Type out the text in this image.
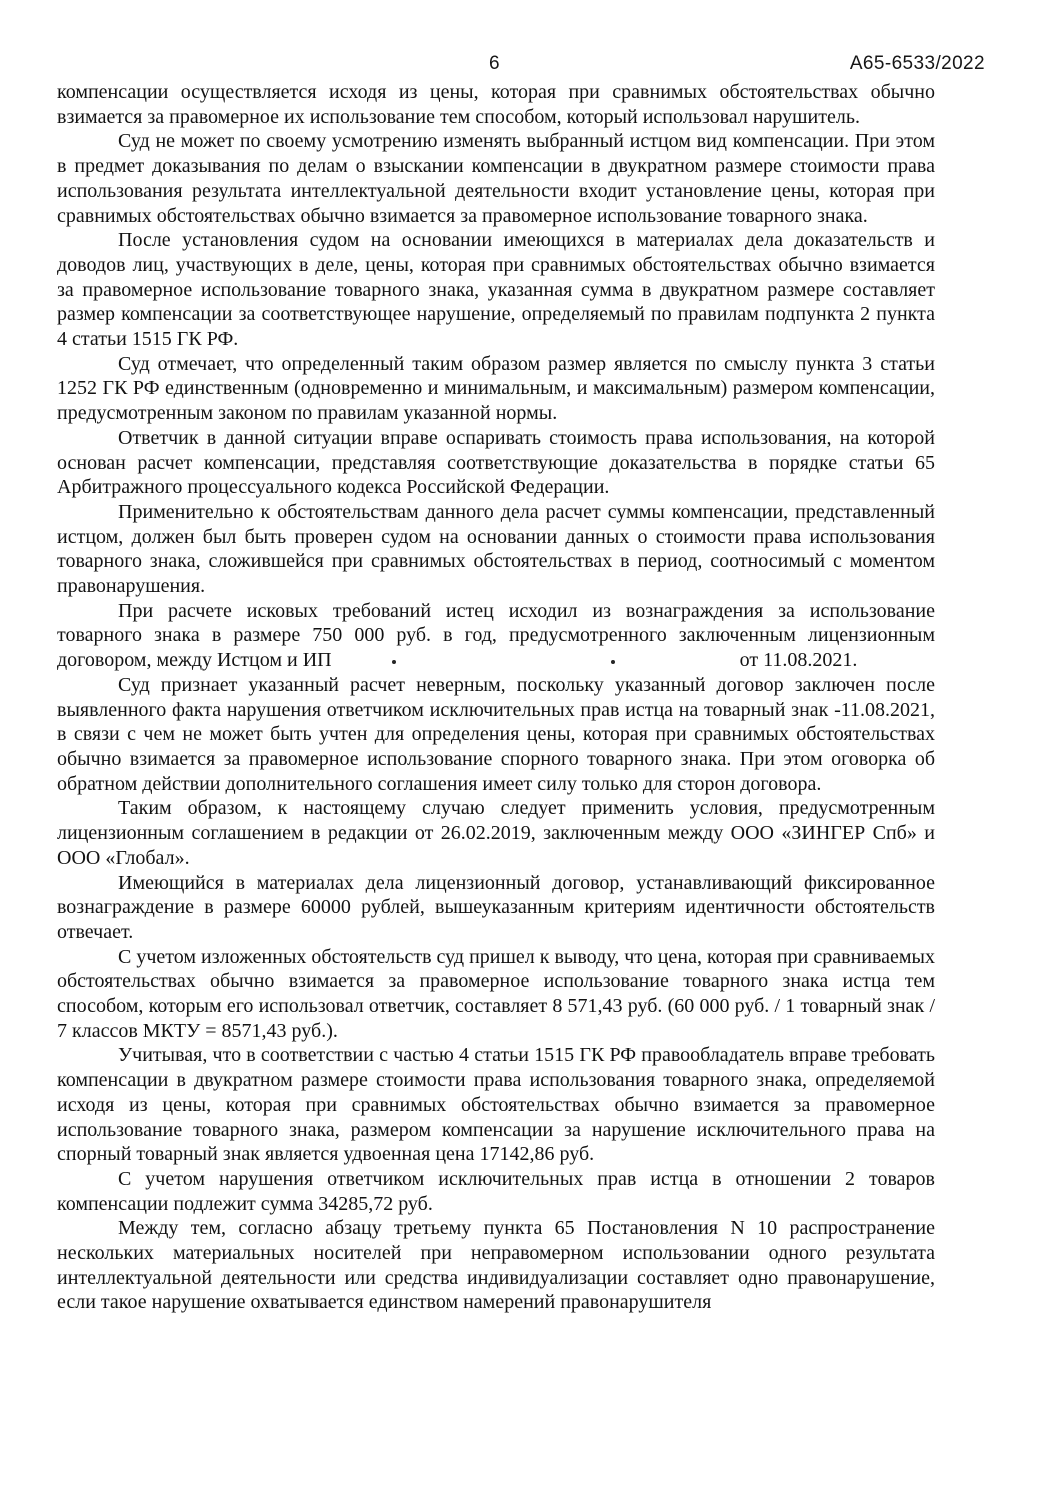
6	А65-6533/2022

компенсации осуществляется исходя из цены, которая при сравнимых обстоятельствах обычно взимается за правомерное их использование тем способом, который использовал нарушитель.

Суд не может по своему усмотрению изменять выбранный истцом вид компенсации. При этом в предмет доказывания по делам о взыскании компенсации в двукратном размере стоимости права использования результата интеллектуальной деятельности входит установление цены, которая при сравнимых обстоятельствах обычно взимается за правомерное использование товарного знака.

После установления судом на основании имеющихся в материалах дела доказательств и доводов лиц, участвующих в деле, цены, которая при сравнимых обстоятельствах обычно взимается за правомерное использование товарного знака, указанная сумма в двукратном размере составляет размер компенсации за соответствующее нарушение, определяемый по правилам подпункта 2 пункта 4 статьи 1515 ГК РФ.

Суд отмечает, что определенный таким образом размер является по смыслу пункта 3 статьи 1252 ГК РФ единственным (одновременно и минимальным, и максимальным) размером компенсации, предусмотренным законом по правилам указанной нормы.

Ответчик в данной ситуации вправе оспаривать стоимость права использования, на которой основан расчет компенсации, представляя соответствующие доказательства в порядке статьи 65 Арбитражного процессуального кодекса Российской Федерации.

Применительно к обстоятельствам данного дела расчет суммы компенсации, представленный истцом, должен был быть проверен судом на основании данных о стоимости права использования товарного знака, сложившейся при сравнимых обстоятельствах в период, соотносимый с моментом правонарушения.

При расчете исковых требований истец исходил из вознаграждения за использование товарного знака в размере 750 000 руб. в год, предусмотренного заключенным лицензионным договором, между Истцом и ИП	от 11.08.2021.

Суд признает указанный расчет неверным, поскольку указанный договор заключен после выявленного факта нарушения ответчиком исключительных прав истца на товарный знак -11.08.2021, в связи с чем не может быть учтен для определения цены, которая при сравнимых обстоятельствах обычно взимается за правомерное использование спорного товарного знака. При этом оговорка об обратном действии дополнительного соглашения имеет силу только для сторон договора.

Таким образом, к настоящему случаю следует применить условия, предусмотренным лицензионным соглашением в редакции от 26.02.2019, заключенным между ООО «ЗИНГЕР Спб» и ООО «Глобал».

Имеющийся в материалах дела лицензионный договор, устанавливающий фиксированное вознаграждение в размере 60000 рублей, вышеуказанным критериям идентичности обстоятельств отвечает.

С учетом изложенных обстоятельств суд пришел к выводу, что цена, которая при сравниваемых обстоятельствах обычно взимается за правомерное использование товарного знака истца тем способом, которым его использовал ответчик, составляет 8 571,43 руб. (60 000 руб. / 1 товарный знак / 7 классов МКТУ = 8571,43 руб.).

Учитывая, что в соответствии с частью 4 статьи 1515 ГК РФ правообладатель вправе требовать компенсации в двукратном размере стоимости права использования товарного знака, определяемой исходя из цены, которая при сравнимых обстоятельствах обычно взимается за правомерное использование товарного знака, размером компенсации за нарушение исключительного права на спорный товарный знак является удвоенная цена 17142,86 руб.

С учетом нарушения ответчиком исключительных прав истца в отношении 2 товаров компенсации подлежит сумма 34285,72 руб.

Между тем, согласно абзацу третьему пункта 65 Постановления N 10 распространение нескольких материальных носителей при неправомерном использовании одного результата интеллектуальной деятельности или средства индивидуализации составляет одно правонарушение, если такое нарушение охватывается единством намерений правонарушителя
